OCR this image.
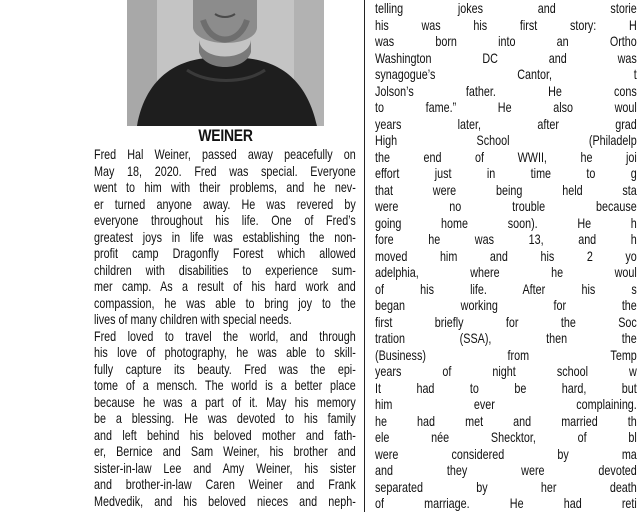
WEINER
Fred Hal Weiner, passed away peacefully on
May 18, 2020. Fred was special. Everyone
went to him with their problems, and he nev-
er turned anyone away. He was revered by
everyone throughout his life. One of Fred’s
greatest joys in life was establishing the non-
profit camp Dragonfly Forest which allowed
children with disabilities to experience sum-
mer camp. As a result of his hard work and
compassion, he was able to bring joy to the
lives of many children with special needs.
Fred loved to travel the world, and through
his love of photography, he was able to skill-
fully capture its beauty. Fred was the epi-
tome of a mensch. The world is a better place
because he was a part of it. May his memory
be a blessing. He was devoted to his family
and left behind his beloved mother and fath-
er, Bernice and Sam Weiner, his brother and
sister-in-law Lee and Amy Weiner, his sister
and brother-in-law Caren Weiner and Frank
Medvedik, and his beloved nieces and neph-
telling jokes and storie
his was his first story: H
was born into an Ortho
Washington DC and was
synagogue’s Cantor, t
Jolson’s father. He cons
to fame.” He also woul
years later, after grad
High School (Philadelp
the end of WWII, he joi
effort just in time to g
that were being held sta
were no trouble because
going home soon). He h
fore he was 13, and h
moved him and his 2 yo
adelphia, where he woul
of his life. After his s
began working for the
first briefly for the Soc
tration (SSA), then the
(Business) from Temp
years of night school w
It had to be hard, but
him ever complaining.
he had met and married th
ele née Shecktor, of bl
were considered by ma
and they were devoted
separated by her death
of marriage. He had reti
